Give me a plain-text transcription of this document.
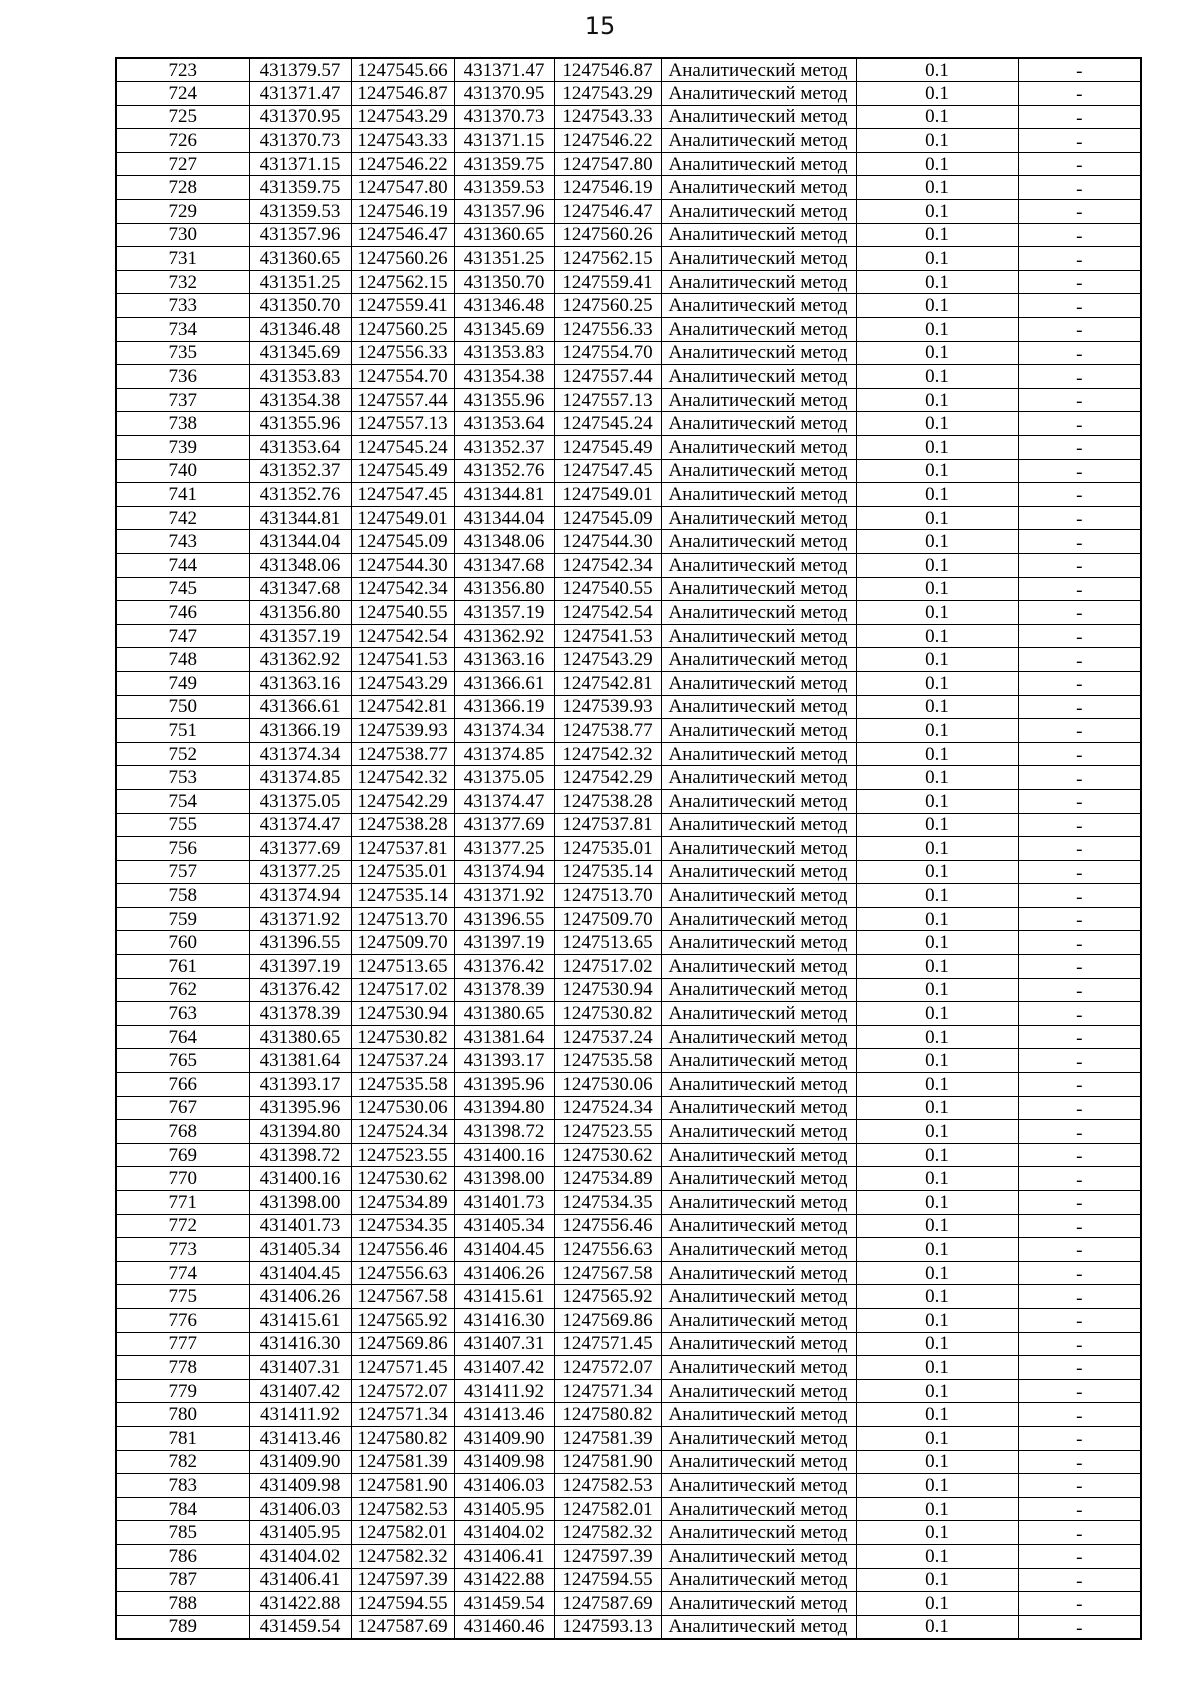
15
723	431379.57	1247545.66	431371.47	1247546.87	Аналитический метод	0.1	-
724	431371.47	1247546.87	431370.95	1247543.29	Аналитический метод	0.1	-
725	431370.95	1247543.29	431370.73	1247543.33	Аналитический метод	0.1	-
726	431370.73	1247543.33	431371.15	1247546.22	Аналитический метод	0.1	-
727	431371.15	1247546.22	431359.75	1247547.80	Аналитический метод	0.1	-
728	431359.75	1247547.80	431359.53	1247546.19	Аналитический метод	0.1	-
729	431359.53	1247546.19	431357.96	1247546.47	Аналитический метод	0.1	-
730	431357.96	1247546.47	431360.65	1247560.26	Аналитический метод	0.1	-
731	431360.65	1247560.26	431351.25	1247562.15	Аналитический метод	0.1	-
732	431351.25	1247562.15	431350.70	1247559.41	Аналитический метод	0.1	-
733	431350.70	1247559.41	431346.48	1247560.25	Аналитический метод	0.1	-
734	431346.48	1247560.25	431345.69	1247556.33	Аналитический метод	0.1	-
735	431345.69	1247556.33	431353.83	1247554.70	Аналитический метод	0.1	-
736	431353.83	1247554.70	431354.38	1247557.44	Аналитический метод	0.1	-
737	431354.38	1247557.44	431355.96	1247557.13	Аналитический метод	0.1	-
738	431355.96	1247557.13	431353.64	1247545.24	Аналитический метод	0.1	-
739	431353.64	1247545.24	431352.37	1247545.49	Аналитический метод	0.1	-
740	431352.37	1247545.49	431352.76	1247547.45	Аналитический метод	0.1	-
741	431352.76	1247547.45	431344.81	1247549.01	Аналитический метод	0.1	-
742	431344.81	1247549.01	431344.04	1247545.09	Аналитический метод	0.1	-
743	431344.04	1247545.09	431348.06	1247544.30	Аналитический метод	0.1	-
744	431348.06	1247544.30	431347.68	1247542.34	Аналитический метод	0.1	-
745	431347.68	1247542.34	431356.80	1247540.55	Аналитический метод	0.1	-
746	431356.80	1247540.55	431357.19	1247542.54	Аналитический метод	0.1	-
747	431357.19	1247542.54	431362.92	1247541.53	Аналитический метод	0.1	-
748	431362.92	1247541.53	431363.16	1247543.29	Аналитический метод	0.1	-
749	431363.16	1247543.29	431366.61	1247542.81	Аналитический метод	0.1	-
750	431366.61	1247542.81	431366.19	1247539.93	Аналитический метод	0.1	-
751	431366.19	1247539.93	431374.34	1247538.77	Аналитический метод	0.1	-
752	431374.34	1247538.77	431374.85	1247542.32	Аналитический метод	0.1	-
753	431374.85	1247542.32	431375.05	1247542.29	Аналитический метод	0.1	-
754	431375.05	1247542.29	431374.47	1247538.28	Аналитический метод	0.1	-
755	431374.47	1247538.28	431377.69	1247537.81	Аналитический метод	0.1	-
756	431377.69	1247537.81	431377.25	1247535.01	Аналитический метод	0.1	-
757	431377.25	1247535.01	431374.94	1247535.14	Аналитический метод	0.1	-
758	431374.94	1247535.14	431371.92	1247513.70	Аналитический метод	0.1	-
759	431371.92	1247513.70	431396.55	1247509.70	Аналитический метод	0.1	-
760	431396.55	1247509.70	431397.19	1247513.65	Аналитический метод	0.1	-
761	431397.19	1247513.65	431376.42	1247517.02	Аналитический метод	0.1	-
762	431376.42	1247517.02	431378.39	1247530.94	Аналитический метод	0.1	-
763	431378.39	1247530.94	431380.65	1247530.82	Аналитический метод	0.1	-
764	431380.65	1247530.82	431381.64	1247537.24	Аналитический метод	0.1	-
765	431381.64	1247537.24	431393.17	1247535.58	Аналитический метод	0.1	-
766	431393.17	1247535.58	431395.96	1247530.06	Аналитический метод	0.1	-
767	431395.96	1247530.06	431394.80	1247524.34	Аналитический метод	0.1	-
768	431394.80	1247524.34	431398.72	1247523.55	Аналитический метод	0.1	-
769	431398.72	1247523.55	431400.16	1247530.62	Аналитический метод	0.1	-
770	431400.16	1247530.62	431398.00	1247534.89	Аналитический метод	0.1	-
771	431398.00	1247534.89	431401.73	1247534.35	Аналитический метод	0.1	-
772	431401.73	1247534.35	431405.34	1247556.46	Аналитический метод	0.1	-
773	431405.34	1247556.46	431404.45	1247556.63	Аналитический метод	0.1	-
774	431404.45	1247556.63	431406.26	1247567.58	Аналитический метод	0.1	-
775	431406.26	1247567.58	431415.61	1247565.92	Аналитический метод	0.1	-
776	431415.61	1247565.92	431416.30	1247569.86	Аналитический метод	0.1	-
777	431416.30	1247569.86	431407.31	1247571.45	Аналитический метод	0.1	-
778	431407.31	1247571.45	431407.42	1247572.07	Аналитический метод	0.1	-
779	431407.42	1247572.07	431411.92	1247571.34	Аналитический метод	0.1	-
780	431411.92	1247571.34	431413.46	1247580.82	Аналитический метод	0.1	-
781	431413.46	1247580.82	431409.90	1247581.39	Аналитический метод	0.1	-
782	431409.90	1247581.39	431409.98	1247581.90	Аналитический метод	0.1	-
783	431409.98	1247581.90	431406.03	1247582.53	Аналитический метод	0.1	-
784	431406.03	1247582.53	431405.95	1247582.01	Аналитический метод	0.1	-
785	431405.95	1247582.01	431404.02	1247582.32	Аналитический метод	0.1	-
786	431404.02	1247582.32	431406.41	1247597.39	Аналитический метод	0.1	-
787	431406.41	1247597.39	431422.88	1247594.55	Аналитический метод	0.1	-
788	431422.88	1247594.55	431459.54	1247587.69	Аналитический метод	0.1	-
789	431459.54	1247587.69	431460.46	1247593.13	Аналитический метод	0.1	-
